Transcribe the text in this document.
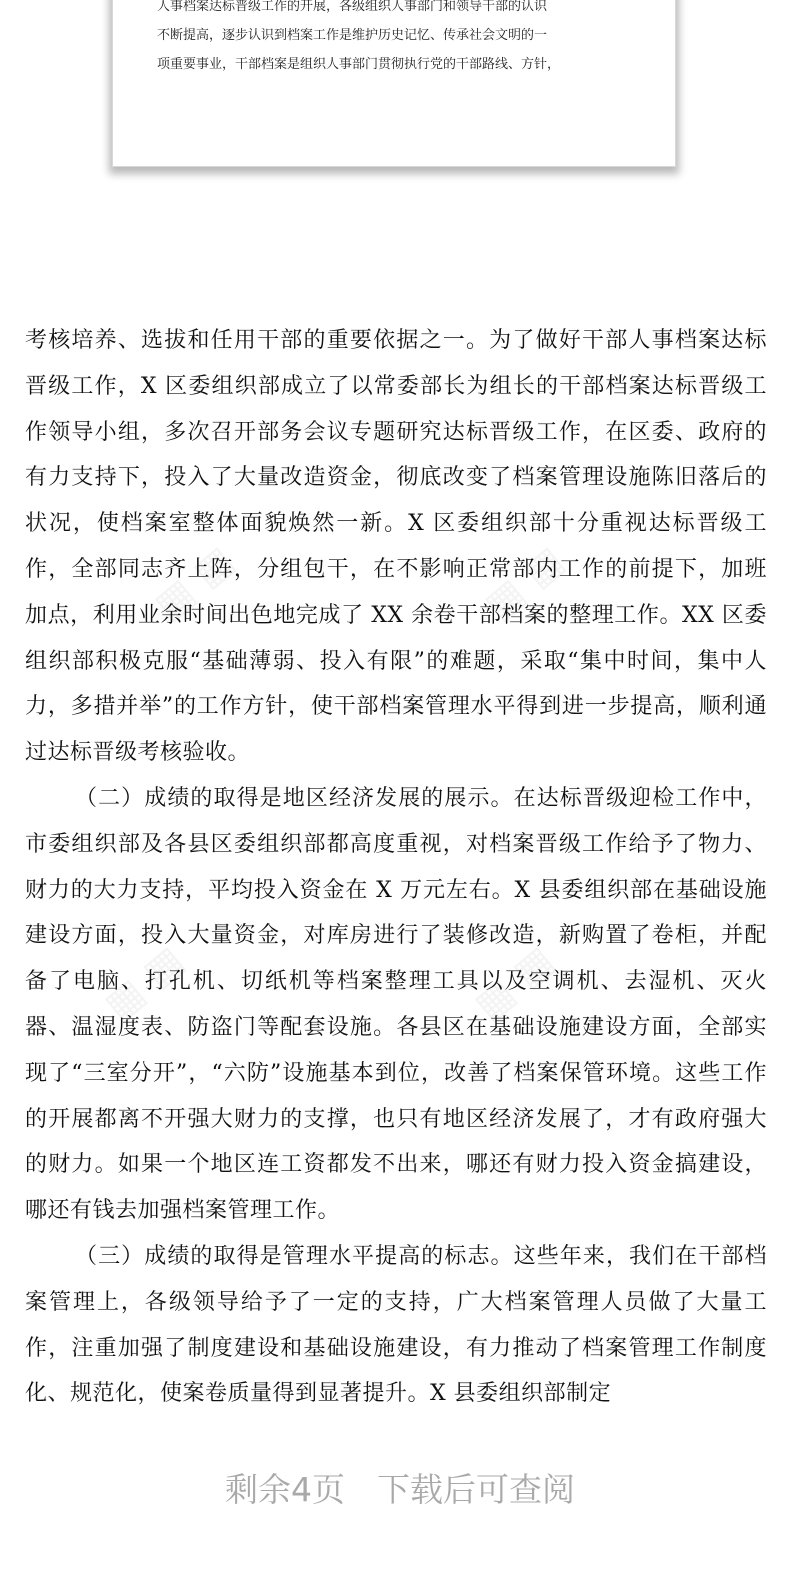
人事档案达标晋级工作的开展，各级组织人事部门和领导干部的认识
不断提高，逐步认识到档案工作是维护历史记忆、传承社会文明的一
项重要事业，干部档案是组织人事部门贯彻执行党的干部路线、方针，

考核培养、选拔和任用干部的重要依据之一。为了做好干部人事档案达标晋级工作，X 区委组织部成立了以常委部长为组长的干部档案达标晋级工作领导小组，多次召开部务会议专题研究达标晋级工作，在区委、政府的有力支持下，投入了大量改造资金，彻底改变了档案管理设施陈旧落后的状况，使档案室整体面貌焕然一新。X 区委组织部十分重视达标晋级工作，全部同志齐上阵，分组包干，在不影响正常部内工作的前提下，加班加点，利用业余时间出色地完成了 XX 余卷干部档案的整理工作。XX 区委组织部积极克服“基础薄弱、投入有限”的难题，采取“集中时间，集中人力，多措并举”的工作方针，使干部档案管理水平得到进一步提高，顺利通过达标晋级考核验收。

（二）成绩的取得是地区经济发展的展示。在达标晋级迎检工作中，市委组织部及各县区委组织部都高度重视，对档案晋级工作给予了物力、财力的大力支持，平均投入资金在 X 万元左右。X 县委组织部在基础设施建设方面，投入大量资金，对库房进行了装修改造，新购置了卷柜，并配备了电脑、打孔机、切纸机等档案整理工具以及空调机、去湿机、灭火器、温湿度表、防盗门等配套设施。各县区在基础设施建设方面，全部实现了“三室分开”，“六防”设施基本到位，改善了档案保管环境。这些工作的开展都离不开强大财力的支撑，也只有地区经济发展了，才有政府强大的财力。如果一个地区连工资都发不出来，哪还有财力投入资金搞建设，哪还有钱去加强档案管理工作。

（三）成绩的取得是管理水平提高的标志。这些年来，我们在干部档案管理上，各级领导给予了一定的支持，广大档案管理人员做了大量工作，注重加强了制度建设和基础设施建设，有力推动了档案管理工作制度化、规范化，使案卷质量得到显著提升。X 县委组织部制定

剩余4页 下载后可查阅
